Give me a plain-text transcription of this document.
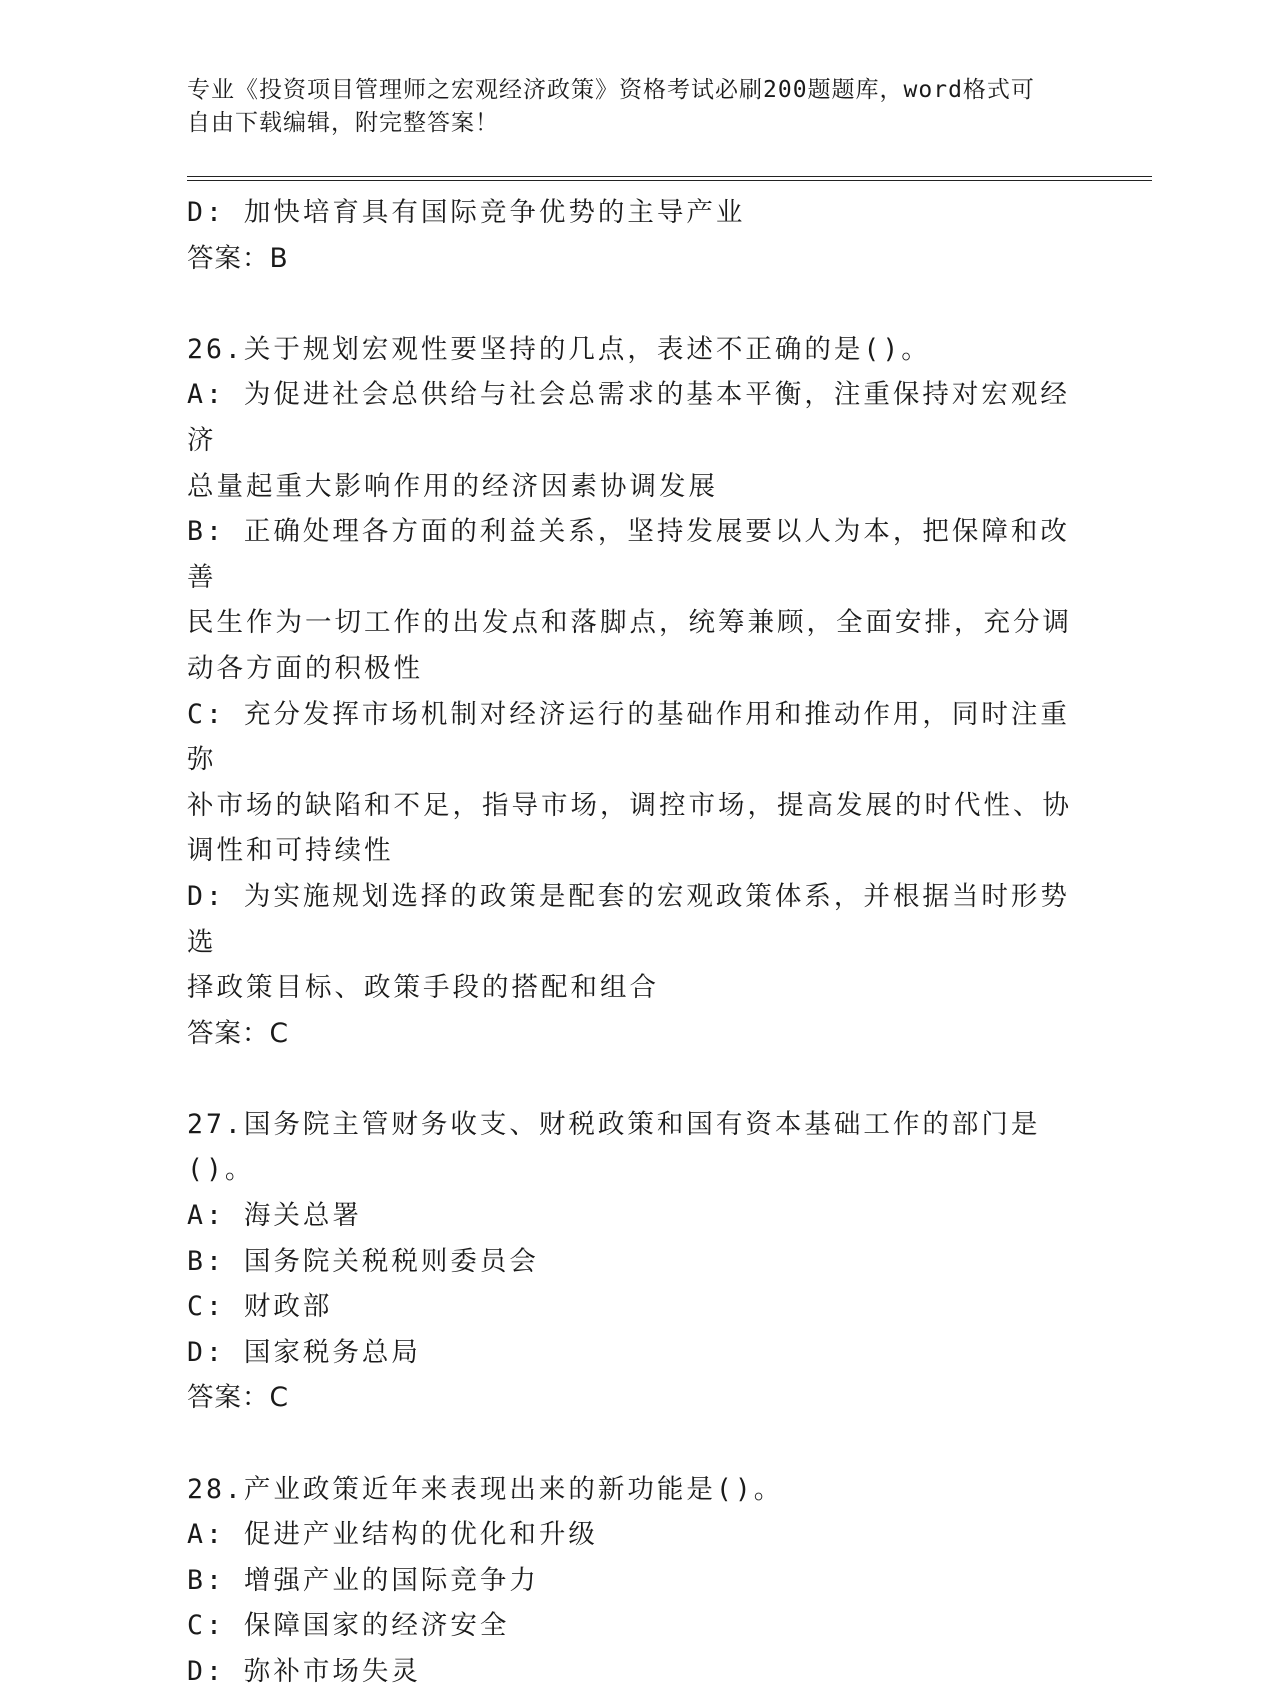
专业《投资项目管理师之宏观经济政策》资格考试必刷200题题库，word格式可
自由下载编辑，附完整答案！
D: 加快培育具有国际竞争优势的主导产业
答案：B
26.关于规划宏观性要坚持的几点，表述不正确的是()。
A: 为促进社会总供给与社会总需求的基本平衡，注重保持对宏观经济
总量起重大影响作用的经济因素协调发展
B: 正确处理各方面的利益关系，坚持发展要以人为本，把保障和改善
民生作为一切工作的出发点和落脚点，统筹兼顾，全面安排，充分调
动各方面的积极性
C: 充分发挥市场机制对经济运行的基础作用和推动作用，同时注重弥
补市场的缺陷和不足，指导市场，调控市场，提高发展的时代性、协
调性和可持续性
D: 为实施规划选择的政策是配套的宏观政策体系，并根据当时形势选
择政策目标、政策手段的搭配和组合
答案：C
27.国务院主管财务收支、财税政策和国有资本基础工作的部门是()。
A: 海关总署
B: 国务院关税税则委员会
C: 财政部
D: 国家税务总局
答案：C
28.产业政策近年来表现出来的新功能是()。
A: 促进产业结构的优化和升级
B: 增强产业的国际竞争力
C: 保障国家的经济安全
D: 弥补市场失灵
